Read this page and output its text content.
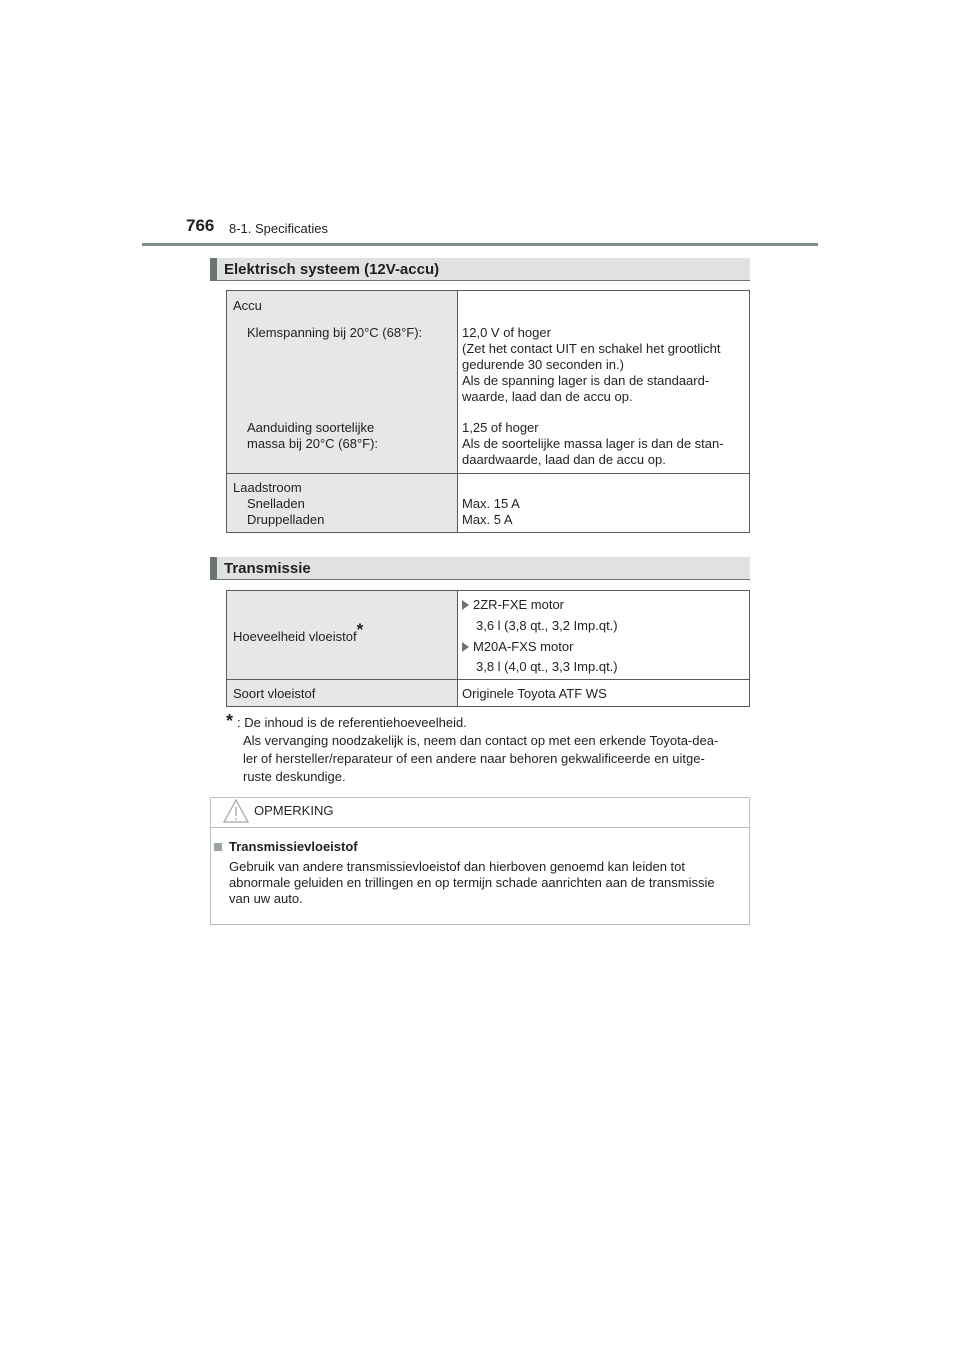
766 8-1. Specificaties
Elektrisch systeem (12V-accu)
Accu
Klemspanning bij 20°C (68°F):
Aanduiding soortelijke
massa bij 20°C (68°F):
12,0 V of hoger
(Zet het contact UIT en schakel het grootlicht
gedurende 30 seconden in.)
Als de spanning lager is dan de standaard-
waarde, laad dan de accu op.
1,25 of hoger
Als de soortelijke massa lager is dan de stan-
daardwaarde, laad dan de accu op.
Laadstroom
Snelladen
Druppelladen
Max. 15 A
Max. 5 A
Transmissie
Hoeveelheid vloeistof*
2ZR-FXE motor
3,6 l (3,8 qt., 3,2 Imp.qt.)
M20A-FXS motor
3,8 l (4,0 qt., 3,3 Imp.qt.)
Soort vloeistof	Originele Toyota ATF WS
* : De inhoud is de referentiehoeveelheid.
Als vervanging noodzakelijk is, neem dan contact op met een erkende Toyota-dea-
ler of hersteller/reparateur of een andere naar behoren gekwalificeerde en uitge-
ruste deskundige.
OPMERKING
Transmissievloeistof
Gebruik van andere transmissievloeistof dan hierboven genoemd kan leiden tot
abnormale geluiden en trillingen en op termijn schade aanrichten aan de transmissie
van uw auto.
